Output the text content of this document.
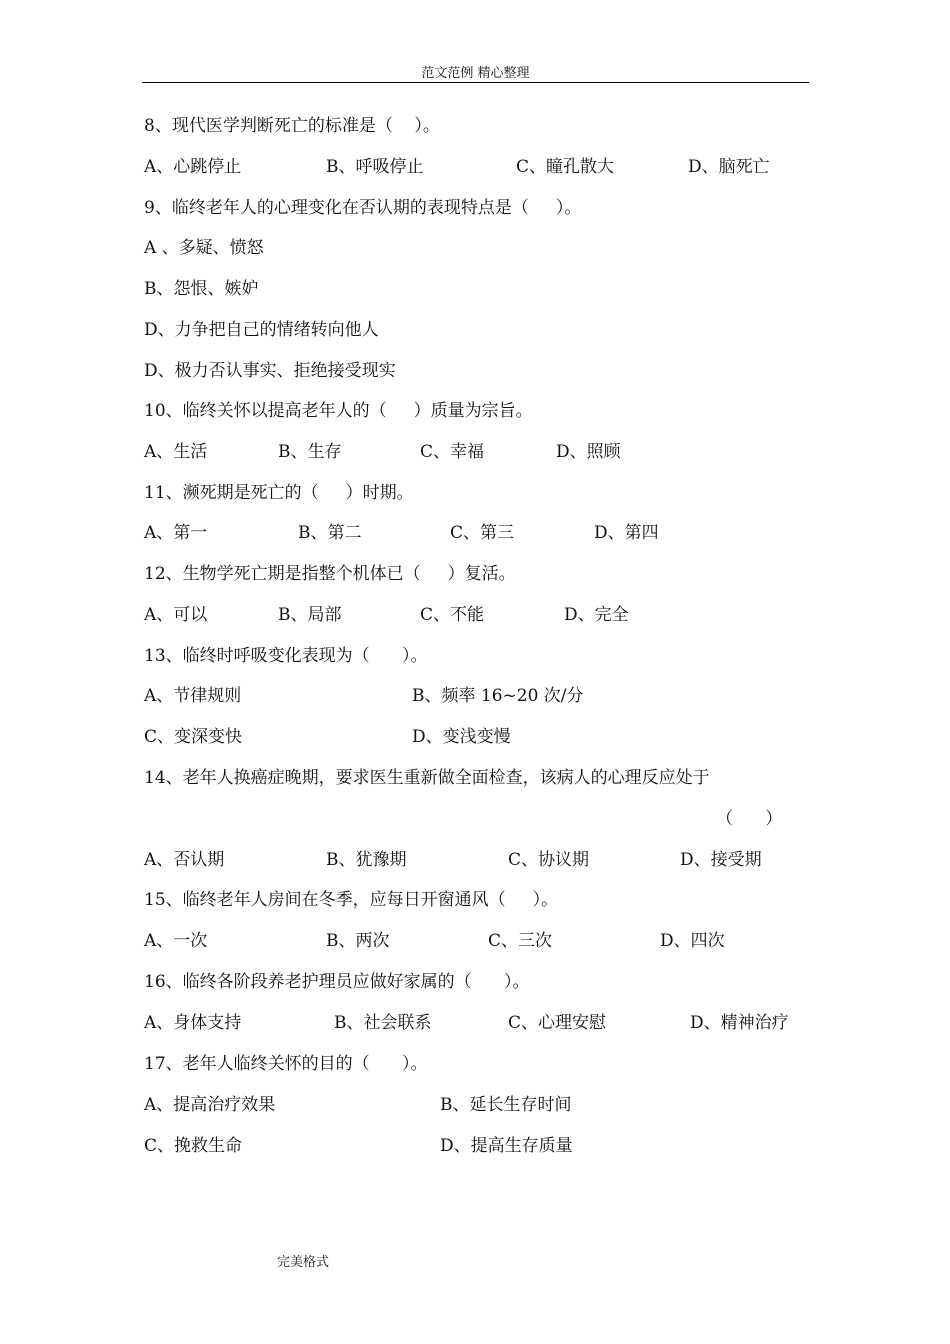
范文范例 精心整理
8、现代医学判断死亡的标准是（    ）。
A、心跳停止	B、呼吸停止	C、瞳孔散大	D、脑死亡
9、临终老年人的心理变化在否认期的表现特点是（     ）。
A 、多疑、愤怒
B、怨恨、嫉妒
D、力争把自己的情绪转向他人
D、极力否认事实、拒绝接受现实
10、临终关怀以提高老年人的（     ）质量为宗旨。
A、生活	B、生存	C、幸福	D、照顾
11、濒死期是死亡的（     ）时期。
A、第一	B、第二	C、第三	D、第四
12、生物学死亡期是指整个机体已（     ）复活。
A、可以	B、局部	C、不能	D、完全
13、临终时呼吸变化表现为（      ）。
A、节律规则	B、频率 16~20 次/分
C、变深变快	D、变浅变慢
14、老年人换癌症晚期，要求医生重新做全面检查，该病人的心理反应处于
（      ）
A、否认期	B、犹豫期	C、协议期	D、接受期
15、临终老年人房间在冬季，应每日开窗通风（     ）。
A、一次	B、两次	C、三次	D、四次
16、临终各阶段养老护理员应做好家属的（      ）。
A、身体支持	B、社会联系	C、心理安慰	D、精神治疗
17、老年人临终关怀的目的（      ）。
A、提高治疗效果	B、延长生存时间
C、挽救生命	D、提高生存质量
完美格式
